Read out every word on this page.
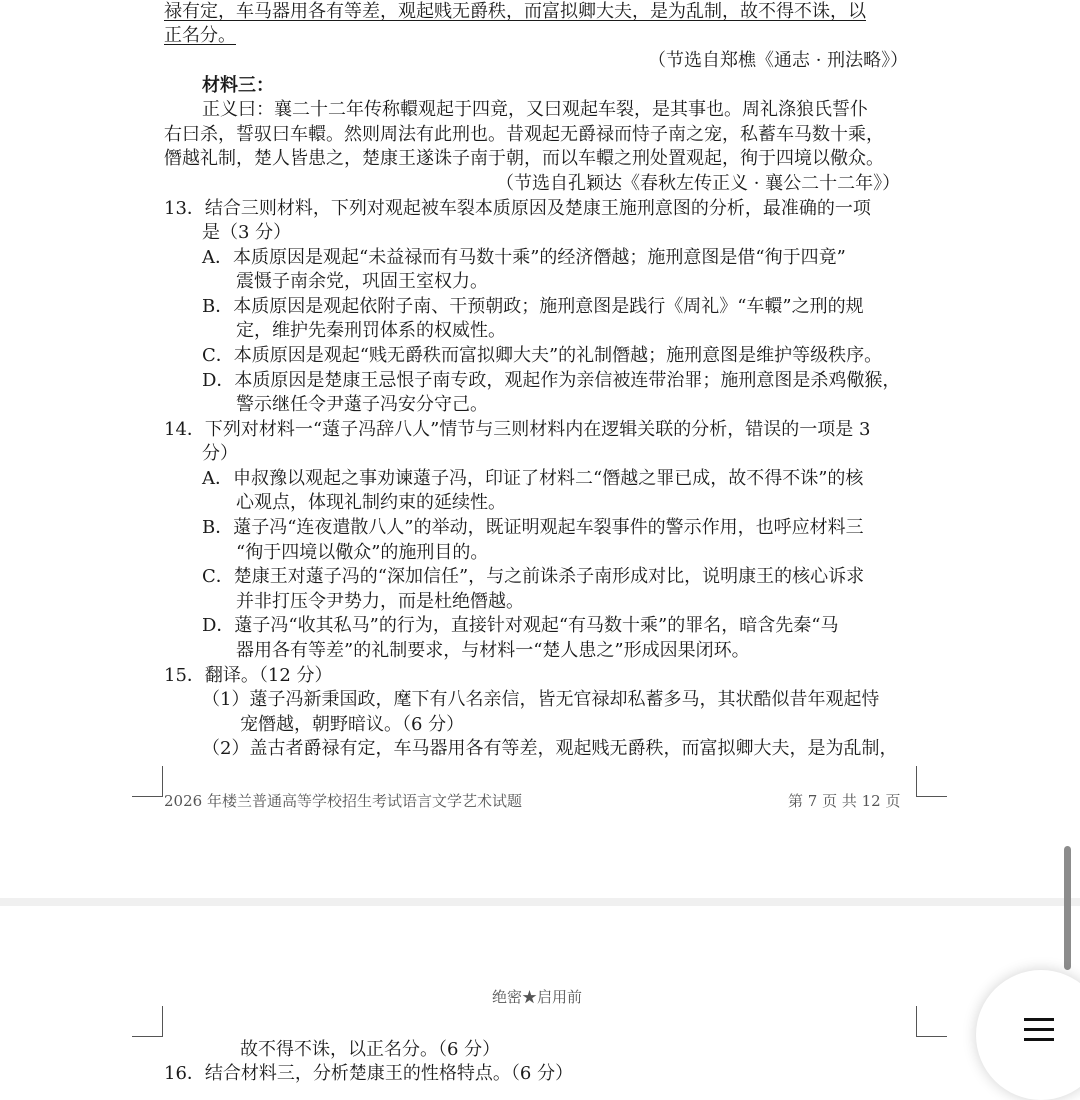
禄有定，车马器用各有等差，观起贱无爵秩，而富拟卿大夫，是为乱制，故不得不诛，以
正名分。
（节选自郑樵《通志 · 刑法略》）
材料三：
正义曰：襄二十二年传称轘观起于四竟，又曰观起车裂，是其事也。周礼涤狼氏誓仆
右曰杀，誓驭曰车轘。然则周法有此刑也。昔观起无爵禄而恃子南之宠，私蓄车马数十乘，
僭越礼制，楚人皆患之，楚康王遂诛子南于朝，而以车轘之刑处置观起，徇于四境以儆众。
（节选自孔颖达《春秋左传正义 · 襄公二十二年》）
13．结合三则材料，下列对观起被车裂本质原因及楚康王施刑意图的分析，最准确的一项
是（3 分）
A．本质原因是观起“未益禄而有马数十乘”的经济僭越；施刑意图是借“徇于四竟”
震慑子南余党，巩固王室权力。
B．本质原因是观起依附子南、干预朝政；施刑意图是践行《周礼》“车轘”之刑的规
定，维护先秦刑罚体系的权威性。
C．本质原因是观起“贱无爵秩而富拟卿大夫”的礼制僭越；施刑意图是维护等级秩序。
D．本质原因是楚康王忌恨子南专政，观起作为亲信被连带治罪；施刑意图是杀鸡儆猴，
警示继任令尹薳子冯安分守己。
14．下列对材料一“薳子冯辞八人”情节与三则材料内在逻辑关联的分析，错误的一项是 3
分）
A．申叔豫以观起之事劝谏薳子冯，印证了材料二“僭越之罪已成，故不得不诛”的核
心观点，体现礼制约束的延续性。
B．薳子冯“连夜遣散八人”的举动，既证明观起车裂事件的警示作用，也呼应材料三
“徇于四境以儆众”的施刑目的。
C．楚康王对薳子冯的“深加信任”，与之前诛杀子南形成对比，说明康王的核心诉求
并非打压令尹势力，而是杜绝僭越。
D．薳子冯“收其私马”的行为，直接针对观起“有马数十乘”的罪名，暗含先秦“马
器用各有等差”的礼制要求，与材料一“楚人患之”形成因果闭环。
15．翻译。（12 分）
（1）薳子冯新秉国政，麾下有八名亲信，皆无官禄却私蓄多马，其状酷似昔年观起恃
宠僭越，朝野暗议。（6 分）
（2）盖古者爵禄有定，车马器用各有等差，观起贱无爵秩，而富拟卿大夫，是为乱制，
2026 年楼兰普通高等学校招生考试语言文学艺术试题	第 7 页 共 12 页
绝密★启用前
故不得不诛，以正名分。（6 分）
16．结合材料三，分析楚康王的性格特点。（6 分）
